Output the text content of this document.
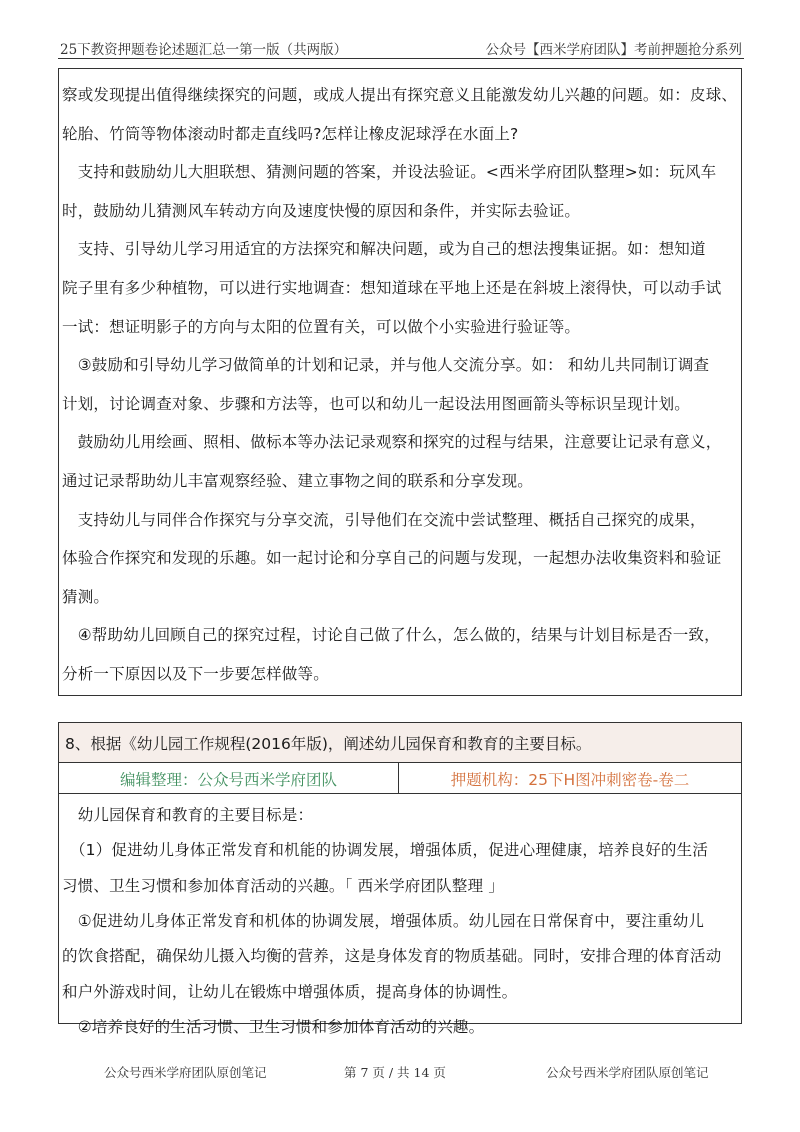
25下教资押题卷论述题汇总一第一版（共两版）	公众号【西米学府团队】考前押题抢分系列
察或发现提出值得继续探究的问题，或成人提出有探究意义且能激发幼儿兴趣的问题。如：皮球、
轮胎、竹筒等物体滚动时都走直线吗?怎样让橡皮泥球浮在水面上?
　支持和鼓励幼儿大胆联想、猜测问题的答案，并设法验证。<西米学府团队整理>如：玩风车
时，鼓励幼儿猜测风车转动方向及速度快慢的原因和条件，并实际去验证。
　支持、引导幼儿学习用适宜的方法探究和解决问题，或为自己的想法搜集证据。如：想知道
院子里有多少种植物，可以进行实地调查：想知道球在平地上还是在斜坡上滚得快，可以动手试
一试：想证明影子的方向与太阳的位置有关，可以做个小实验进行验证等。
　③鼓励和引导幼儿学习做简单的计划和记录，并与他人交流分享。如： 和幼儿共同制订调查
计划，讨论调查对象、步骤和方法等，也可以和幼儿一起设法用图画箭头等标识呈现计划。
　鼓励幼儿用绘画、照相、做标本等办法记录观察和探究的过程与结果，注意要让记录有意义，
通过记录帮助幼儿丰富观察经验、建立事物之间的联系和分享发现。
　支持幼儿与同伴合作探究与分享交流，引导他们在交流中尝试整理、概括自己探究的成果，
体验合作探究和发现的乐趣。如一起讨论和分享自己的问题与发现，一起想办法收集资料和验证
猜测。
　④帮助幼儿回顾自己的探究过程，讨论自己做了什么，怎么做的，结果与计划目标是否一致，
分析一下原因以及下一步要怎样做等。
8、根据《幼儿园工作规程(2016年版)，阐述幼儿园保育和教育的主要目标。
编辑整理：公众号西米学府团队	押题机构：25下H图冲刺密卷-卷二
　幼儿园保育和教育的主要目标是：
　（1）促进幼儿身体正常发育和机能的协调发展，增强体质，促进心理健康，培养良好的生活
习惯、卫生习惯和参加体育活动的兴趣。「 西米学府团队整理 」
　①促进幼儿身体正常发育和机体的协调发展，增强体质。幼儿园在日常保育中，要注重幼儿
的饮食搭配，确保幼儿摄入均衡的营养，这是身体发育的物质基础。同时，安排合理的体育活动
和户外游戏时间，让幼儿在锻炼中增强体质，提高身体的协调性。
　②培养良好的生活习惯、卫生习惯和参加体育活动的兴趣。
公众号西米学府团队原创笔记	第 7 页 / 共 14 页	公众号西米学府团队原创笔记
